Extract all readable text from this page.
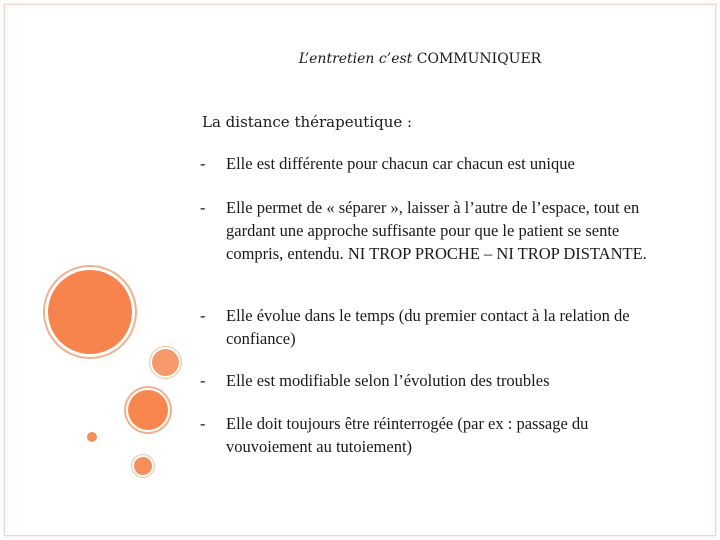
L’entretien c’est COMMUNIQUER
La distance thérapeutique :
- Elle est différente pour chacun car chacun est unique
- Elle permet de « séparer », laisser à l’autre de l’espace, tout en gardant une approche suffisante pour que le patient se sente compris, entendu. NI TROP PROCHE – NI TROP DISTANTE.
- Elle évolue dans le temps (du premier contact à la relation de confiance)
- Elle est modifiable selon l’évolution des troubles
- Elle doit toujours être réinterrogée (par ex : passage du vouvoiement au tutoiement)
